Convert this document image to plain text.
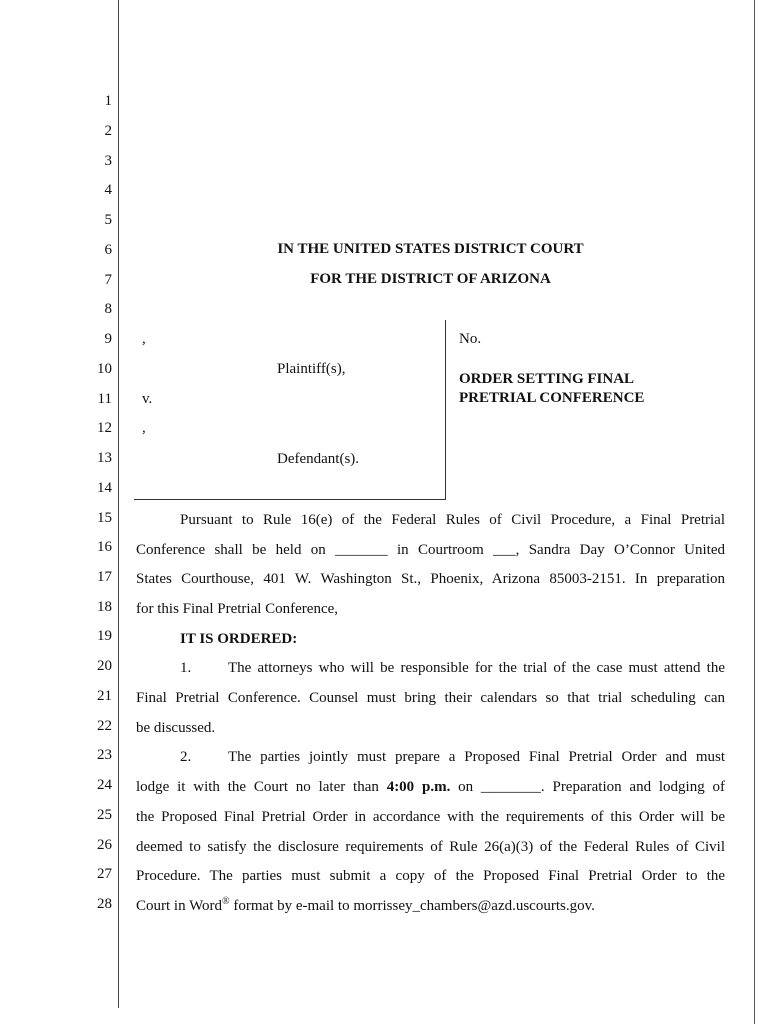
1
2
3
4
5
6
7
8
9
10
11
12
13
14
15
16
17
18
19
20
21
22
23
24
25
26
27
28
IN THE UNITED STATES DISTRICT COURT
FOR THE DISTRICT OF ARIZONA
,
Plaintiff(s),
v.
,
Defendant(s).
No.
ORDER SETTING FINAL
PRETRIAL CONFERENCE
Pursuant to Rule 16(e) of the Federal Rules of Civil Procedure, a Final Pretrial
Conference shall be held on _______ in Courtroom ___, Sandra Day O’Connor United
States Courthouse, 401 W. Washington St., Phoenix, Arizona 85003-2151. In preparation
for this Final Pretrial Conference,
IT IS ORDERED:
1. The attorneys who will be responsible for the trial of the case must attend the
Final Pretrial Conference. Counsel must bring their calendars so that trial scheduling can
be discussed.
2. The parties jointly must prepare a Proposed Final Pretrial Order and must
lodge it with the Court no later than 4:00 p.m. on ________. Preparation and lodging of
the Proposed Final Pretrial Order in accordance with the requirements of this Order will be
deemed to satisfy the disclosure requirements of Rule 26(a)(3) of the Federal Rules of Civil
Procedure. The parties must submit a copy of the Proposed Final Pretrial Order to the
Court in Word® format by e-mail to morrissey_chambers@azd.uscourts.gov.
